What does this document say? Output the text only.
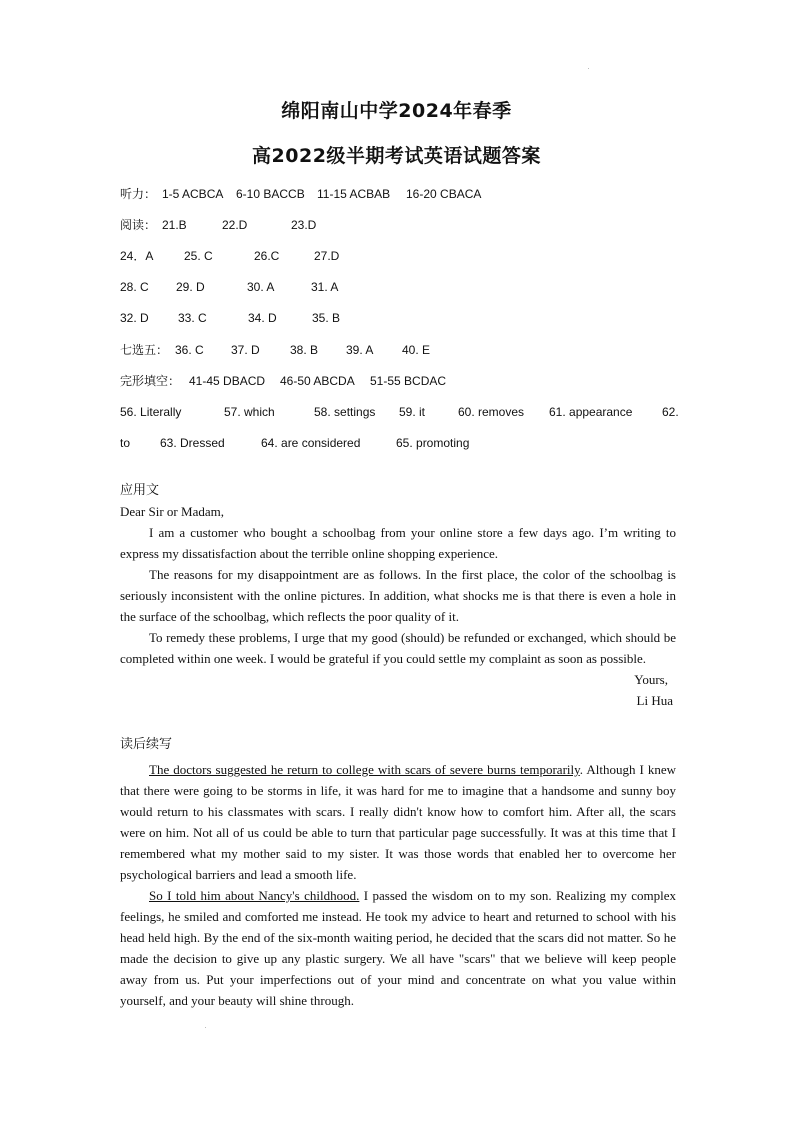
绵阳南山中学2024年春季
高2022级半期考试英语试题答案
听力： 1-5 ACBCA 6-10 BACCB 11-15 ACBAB 16-20 CBACA
阅读： 21.B	22.D	23.D
24．A	25. C	26.C	27.D
28. C 29. D	30. A	31. A
32. D 33. C	34. D	35. B
七选五： 36. C 37. D	38. B 39. A 40. E
完形填空： 41-45 DBACD 46-50 ABCDA 51-55 BCDAC
56. Literally	57. which	58. settings 59. it	60. removes 61. appearance 62.
to 63. Dressed	64. are considered	65. promoting
应用文
Dear Sir or Madam,

I am a customer who bought a schoolbag from your online store a few days ago. I’m writing to express my dissatisfaction about the terrible online shopping experience.

The reasons for my disappointment are as follows. In the first place, the color of the schoolbag is seriously inconsistent with the online pictures. In addition, what shocks me is that there is even a hole in the surface of the schoolbag, which reflects the poor quality of it.

To remedy these problems, I urge that my good (should) be refunded or exchanged, which should be completed within one week. I would be grateful if you could settle my complaint as soon as possible.

Yours,
Li Hua
读后续写

The doctors suggested he return to college with scars of severe burns temporarily. Although I knew that there were going to be storms in life, it was hard for me to imagine that a handsome and sunny boy would return to his classmates with scars. I really didn't know how to comfort him. After all, the scars were on him. Not all of us could be able to turn that particular page successfully. It was at this time that I remembered what my mother said to my sister. It was those words that enabled her to overcome her psychological barriers and lead a smooth life.

So I told him about Nancy's childhood. I passed the wisdom on to my son. Realizing my complex feelings, he smiled and comforted me instead. He took my advice to heart and returned to school with his head held high. By the end of the six-month waiting period, he decided that the scars did not matter. So he made the decision to give up any plastic surgery. We all have "scars" that we believe will keep people away from us. Put your imperfections out of your mind and concentrate on what you value within yourself, and your beauty will shine through.
